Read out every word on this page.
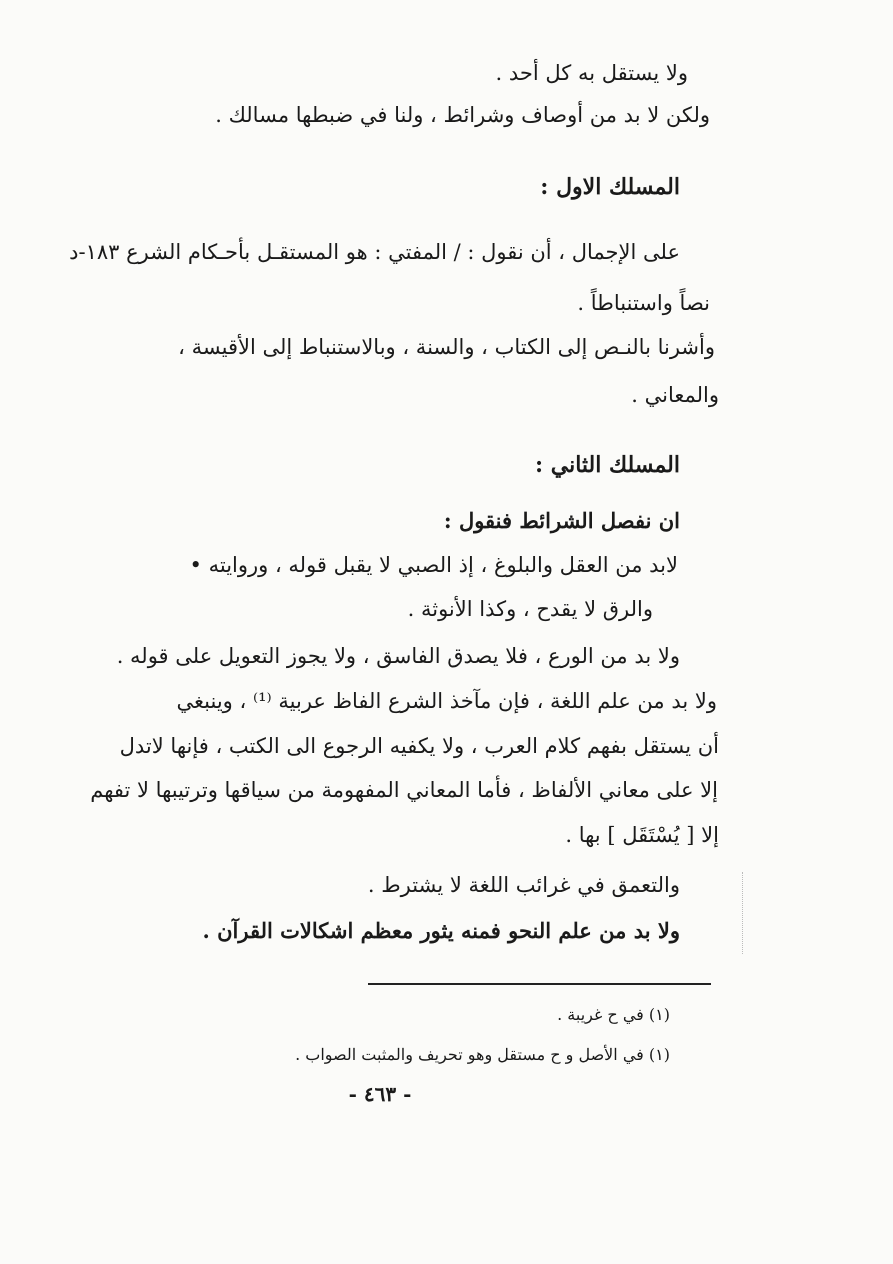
ولا يستقل به كل أحد .
ولكن لا بد من أوصاف وشرائط ، ولنا في ضبطها مسالك .
المسلك الاول :
على الإجمال ، أن نقول : / المفتي : هو المستقـل بأحـكام الشرع ١٨٣-د
نصاً واستنباطاً .
وأشرنا بالنـص إلى الكتاب ، والسنة ، وبالاستنباط إلى الأقيسة ،
والمعاني .
المسلك الثاني :
ان نفصل الشرائط فنقول :
لابد من العقل والبلوغ ، إذ الصبي لا يقبل قوله ، وروايته •
والرق لا يقدح ، وكذا الأنوثة .
ولا بد من الورع ، فلا يصدق الفاسق ، ولا يجوز التعويل على قوله .
ولا بد من علم اللغة ، فإن مآخذ الشرع الفاظ عربية ⁽¹⁾ ، وينبغي
أن يستقل بفهم كلام العرب ، ولا يكفيه الرجوع الى الكتب ، فإنها لاتدل
إلا على معاني الألفاظ ، فأما المعاني المفهومة من سياقها وترتيبها لا تفهم
إلا [ يُسْتَقَل ] بها .
والتعمق في غرائب اللغة لا يشترط .
ولا بد من علم النحو فمنه يثور معظم اشكالات القرآن .
(١) في ح غريبة .
(١) في الأصل و ح مستقل وهو تحريف والمثبت الصواب .
- ٤٦٣ -
